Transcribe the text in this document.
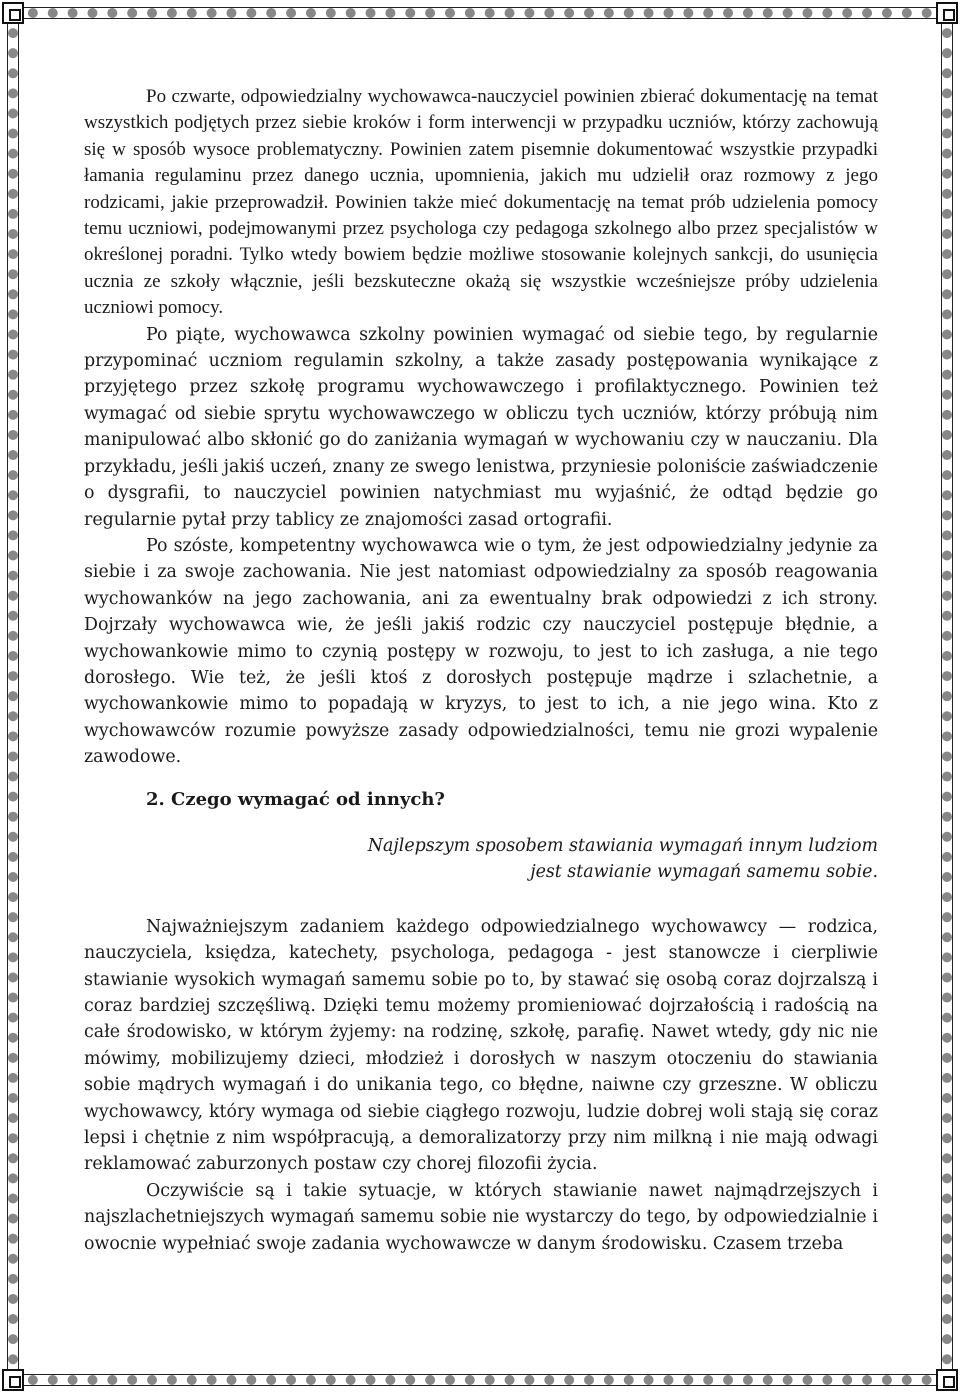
Po czwarte, odpowiedzialny wychowawca-nauczyciel powinien zbierać dokumentację na temat wszystkich podjętych przez siebie kroków i form interwencji w przypadku uczniów, którzy zachowują się w sposób wysoce problematyczny. Powinien zatem pisemnie dokumentować wszystkie przypadki łamania regulaminu przez danego ucznia, upomnienia, jakich mu udzielił oraz rozmowy z jego rodzicami, jakie przeprowadził. Powinien także mieć dokumentację na temat prób udzielenia pomocy temu uczniowi, podejmowanymi przez psychologa czy pedagoga szkolnego albo przez specjalistów w określonej poradni. Tylko wtedy bowiem będzie możliwe stosowanie kolejnych sankcji, do usunięcia ucznia ze szkoły włącznie, jeśli bezskuteczne okażą się wszystkie wcześniejsze próby udzielenia uczniowi pomocy.

Po piąte, wychowawca szkolny powinien wymagać od siebie tego, by regularnie przypominać uczniom regulamin szkolny, a także zasady postępowania wynikające z przyjętego przez szkołę programu wychowawczego i profilaktycznego. Powinien też wymagać od siebie sprytu wychowawczego w obliczu tych uczniów, którzy próbują nim manipulować albo skłonić go do zaniżania wymagań w wychowaniu czy w nauczaniu. Dla przykładu, jeśli jakiś uczeń, znany ze swego lenistwa, przyniesie poloniście zaświadczenie o dysgrafii, to nauczyciel powinien natychmiast mu wyjaśnić, że odtąd będzie go regularnie pytał przy tablicy ze znajomości zasad ortografii.

Po szóste, kompetentny wychowawca wie o tym, że jest odpowiedzialny jedynie za siebie i za swoje zachowania. Nie jest natomiast odpowiedzialny za sposób reagowania wychowanków na jego zachowania, ani za ewentualny brak odpowiedzi z ich strony. Dojrzały wychowawca wie, że jeśli jakiś rodzic czy nauczyciel postępuje błędnie, a wychowankowie mimo to czynią postępy w rozwoju, to jest to ich zasługa, a nie tego dorosłego. Wie też, że jeśli ktoś z dorosłych postępuje mądrze i szlachetnie, a wychowankowie mimo to popadają w kryzys, to jest to ich, a nie jego wina. Kto z wychowawców rozumie powyższe zasady odpowiedzialności, temu nie grozi wypalenie zawodowe.

2. Czego wymagać od innych?
Najlepszym sposobem stawiania wymagań innym ludziom
jest stawianie wymagań samemu sobie.

Najważniejszym zadaniem każdego odpowiedzialnego wychowawcy — rodzica, nauczyciela, księdza, katechety, psychologa, pedagoga - jest stanowcze i cierpliwie stawianie wysokich wymagań samemu sobie po to, by stawać się osobą coraz dojrzalszą i coraz bardziej szczęśliwą. Dzięki temu możemy promieniować dojrzałością i radością na całe środowisko, w którym żyjemy: na rodzinę, szkołę, parafię. Nawet wtedy, gdy nic nie mówimy, mobilizujemy dzieci, młodzież i dorosłych w naszym otoczeniu do stawiania sobie mądrych wymagań i do unikania tego, co błędne, naiwne czy grzeszne. W obliczu wychowawcy, który wymaga od siebie ciągłego rozwoju, ludzie dobrej woli stają się coraz lepsi i chętnie z nim współpracują, a demoralizatorzy przy nim milkną i nie mają odwagi reklamować zaburzonych postaw czy chorej filozofii życia.

Oczywiście są i takie sytuacje, w których stawianie nawet najmądrzejszych i najszlachetniejszych wymagań samemu sobie nie wystarczy do tego, by odpowiedzialnie i owocnie wypełniać swoje zadania wychowawcze w danym środowisku. Czasem trzeba
